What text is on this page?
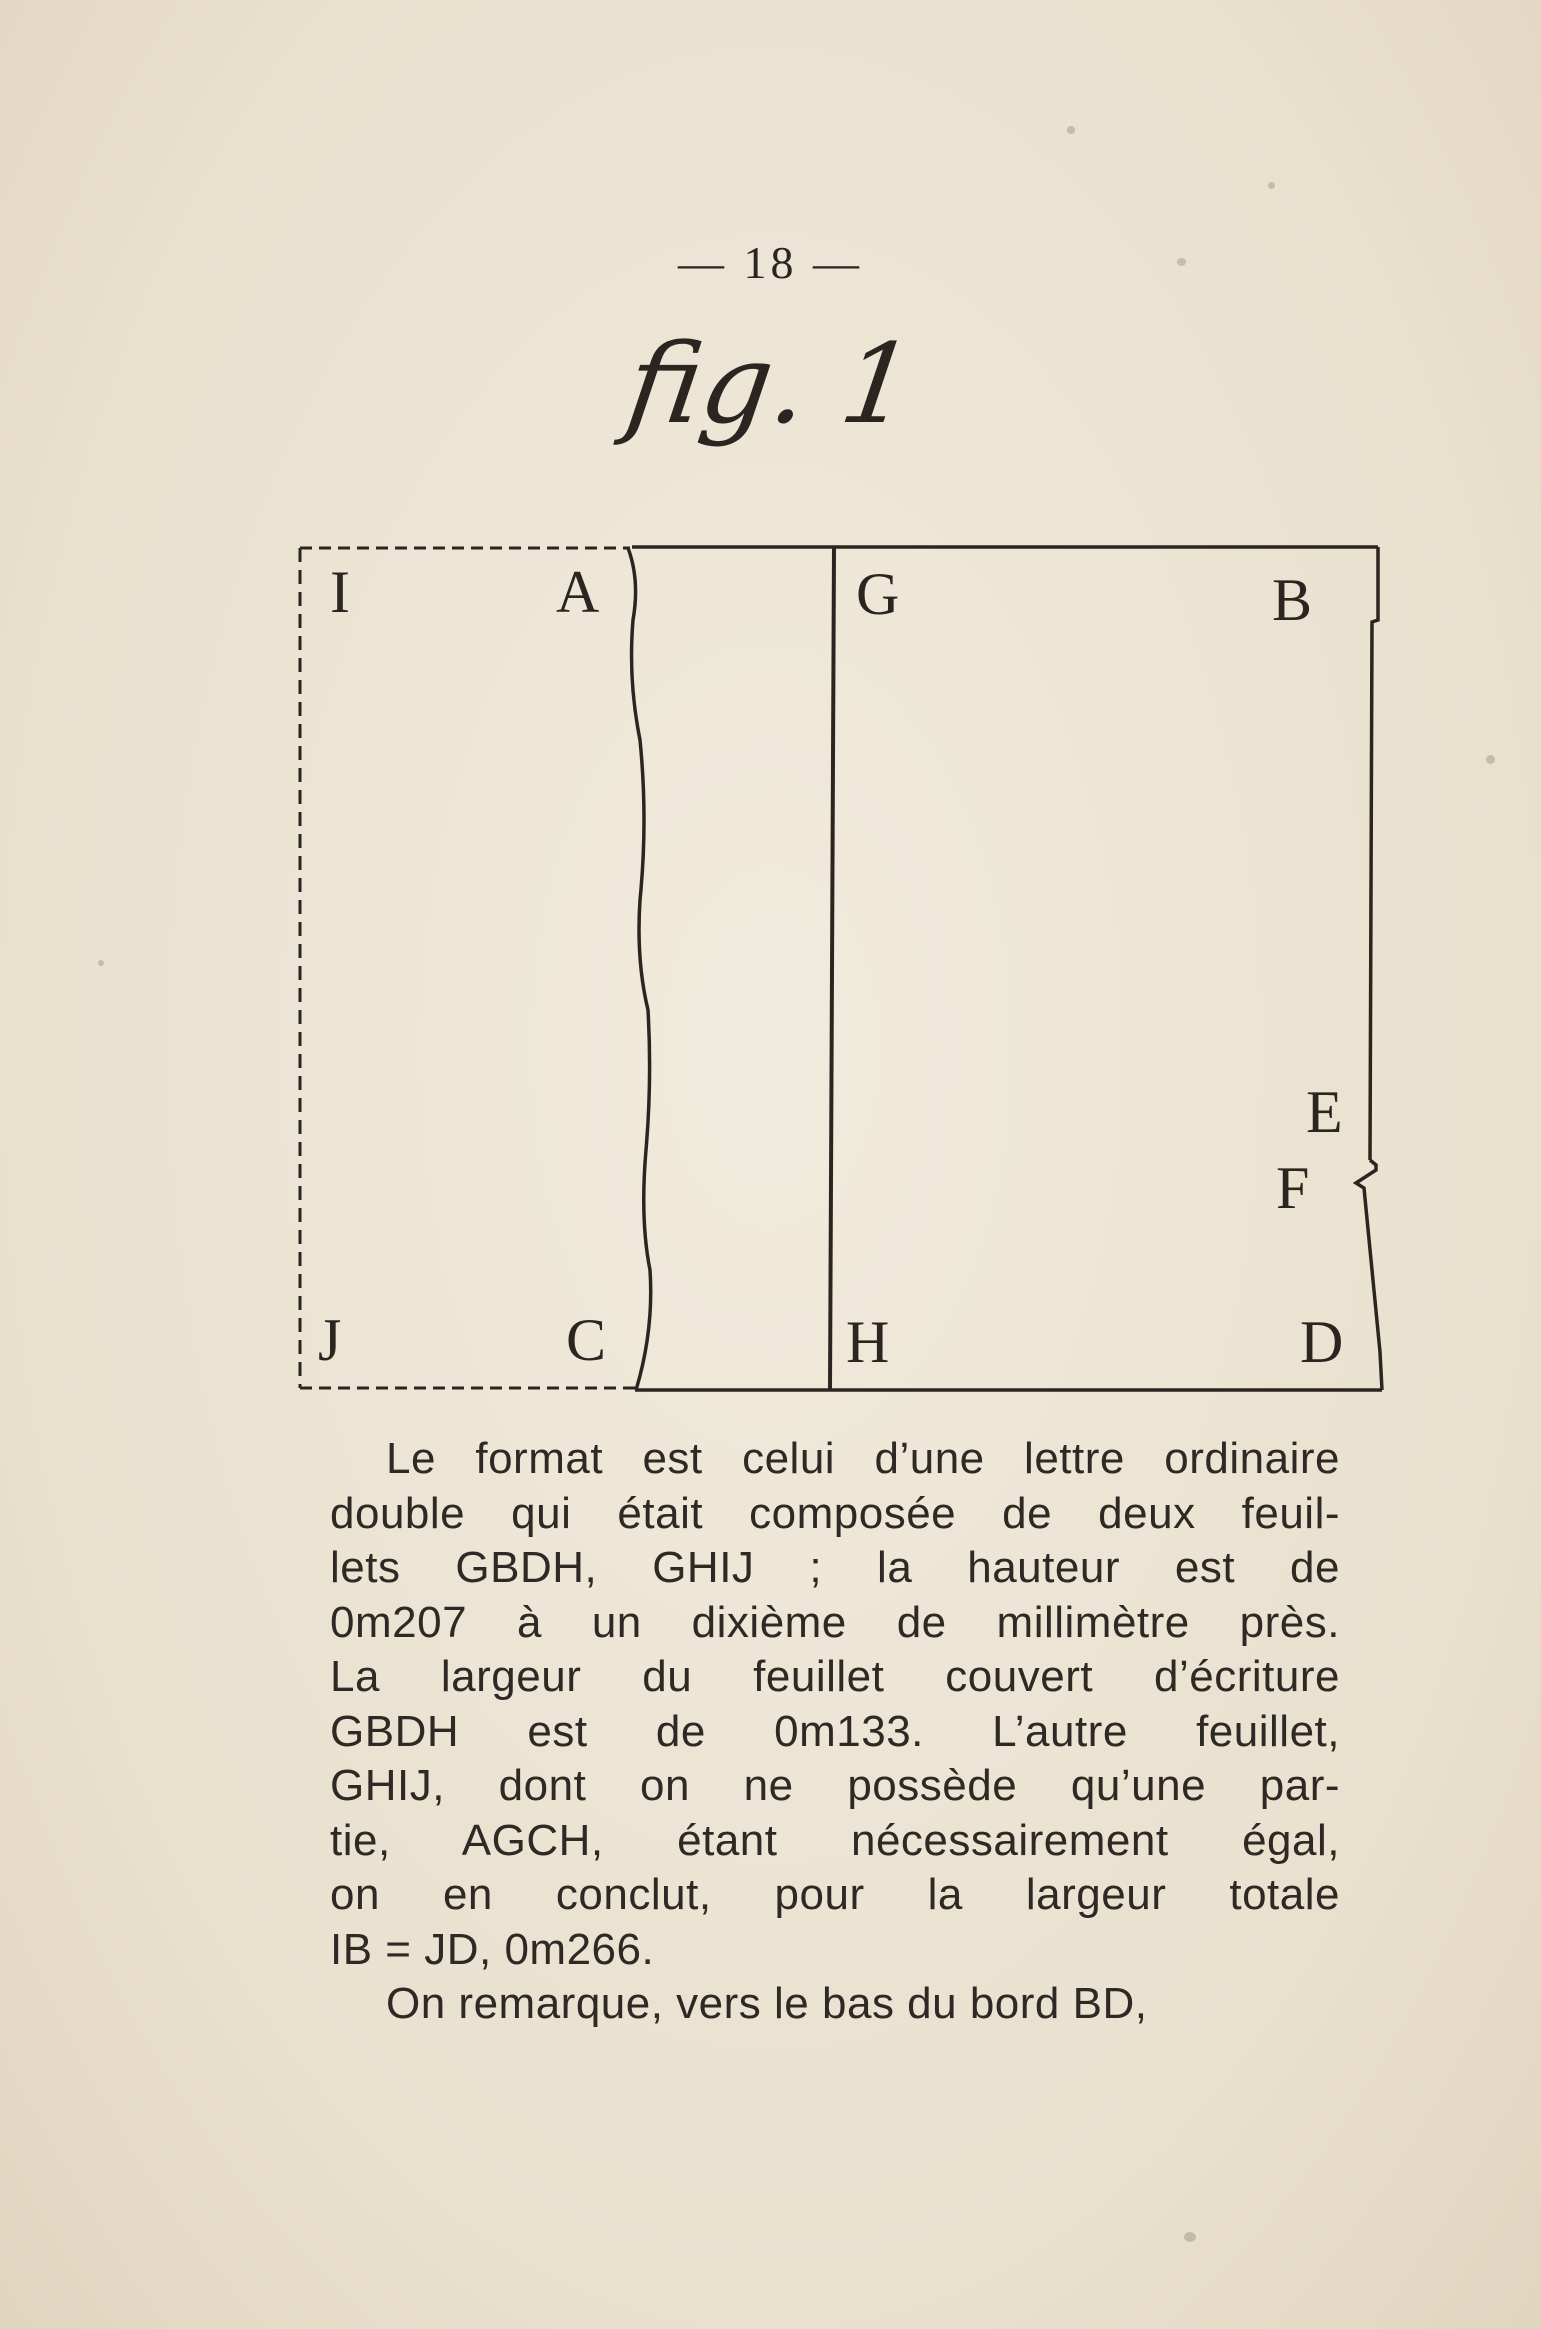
— 18 —
fig. 1
I	A	G	B
E
F
J	C	H	D
Le format est celui d’une lettre ordinaire
double qui était composée de deux feuil-
lets GBDH, GHIJ ; la hauteur est de
0m207 à un dixième de millimètre près.
La largeur du feuillet couvert d’écriture
GBDH est de 0m133. L’autre feuillet,
GHIJ, dont on ne possède qu’une par-
tie, AGCH, étant nécessairement égal,
on en conclut, pour la largeur totale
IB = JD, 0m266.
On remarque, vers le bas du bord BD,
